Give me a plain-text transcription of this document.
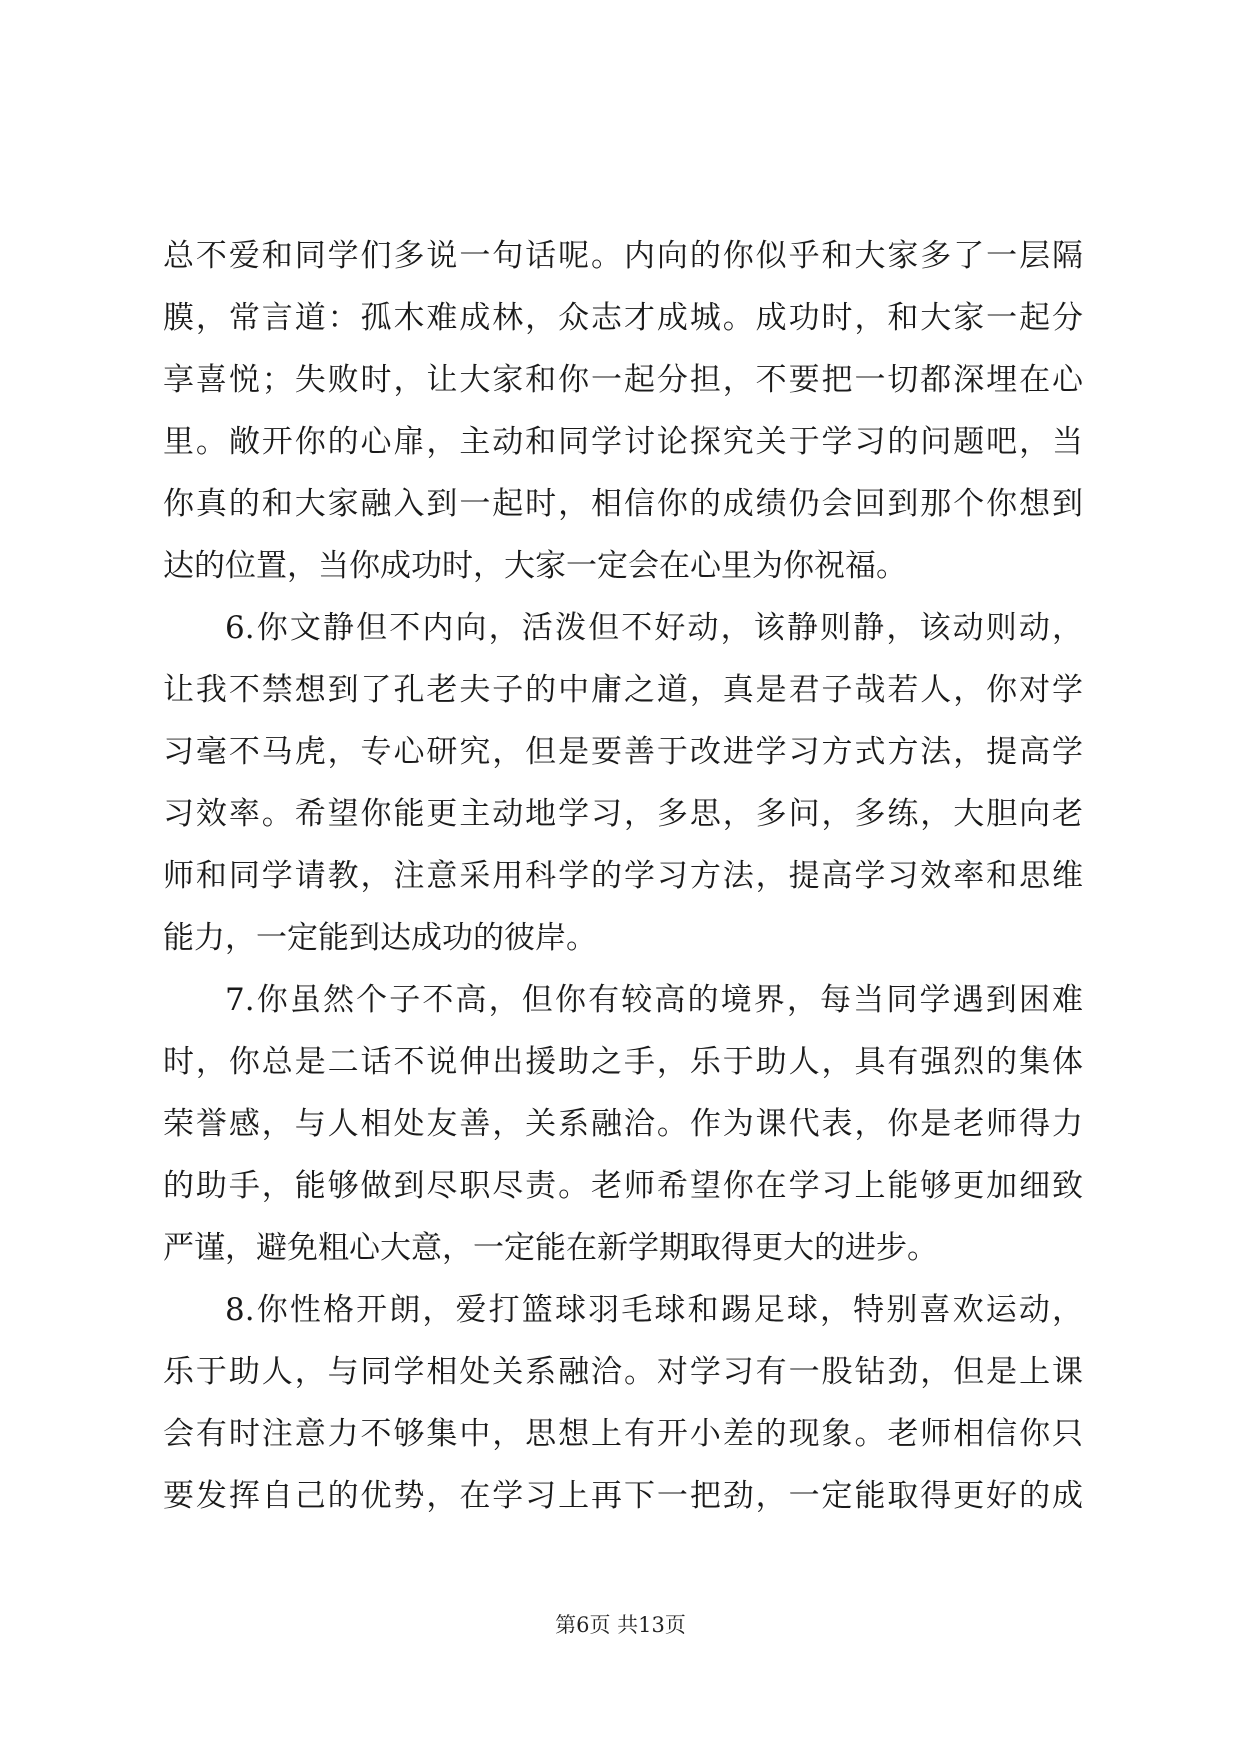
总不爱和同学们多说一句话呢。内向的你似乎和大家多了一层隔
膜，常言道：孤木难成林，众志才成城。成功时，和大家一起分
享喜悦；失败时，让大家和你一起分担，不要把一切都深埋在心
里。敞开你的心扉，主动和同学讨论探究关于学习的问题吧，当
你真的和大家融入到一起时，相信你的成绩仍会回到那个你想到
达的位置，当你成功时，大家一定会在心里为你祝福。
6.你文静但不内向，活泼但不好动，该静则静，该动则动，
让我不禁想到了孔老夫子的中庸之道，真是君子哉若人，你对学
习毫不马虎，专心研究，但是要善于改进学习方式方法，提高学
习效率。希望你能更主动地学习，多思，多问，多练，大胆向老
师和同学请教，注意采用科学的学习方法，提高学习效率和思维
能力，一定能到达成功的彼岸。
7.你虽然个子不高，但你有较高的境界，每当同学遇到困难
时，你总是二话不说伸出援助之手，乐于助人，具有强烈的集体
荣誉感，与人相处友善，关系融洽。作为课代表，你是老师得力
的助手，能够做到尽职尽责。老师希望你在学习上能够更加细致
严谨，避免粗心大意，一定能在新学期取得更大的进步。
8.你性格开朗，爱打篮球羽毛球和踢足球，特别喜欢运动，
乐于助人，与同学相处关系融洽。对学习有一股钻劲，但是上课
会有时注意力不够集中，思想上有开小差的现象。老师相信你只
要发挥自己的优势，在学习上再下一把劲，一定能取得更好的成
第6页 共13页
